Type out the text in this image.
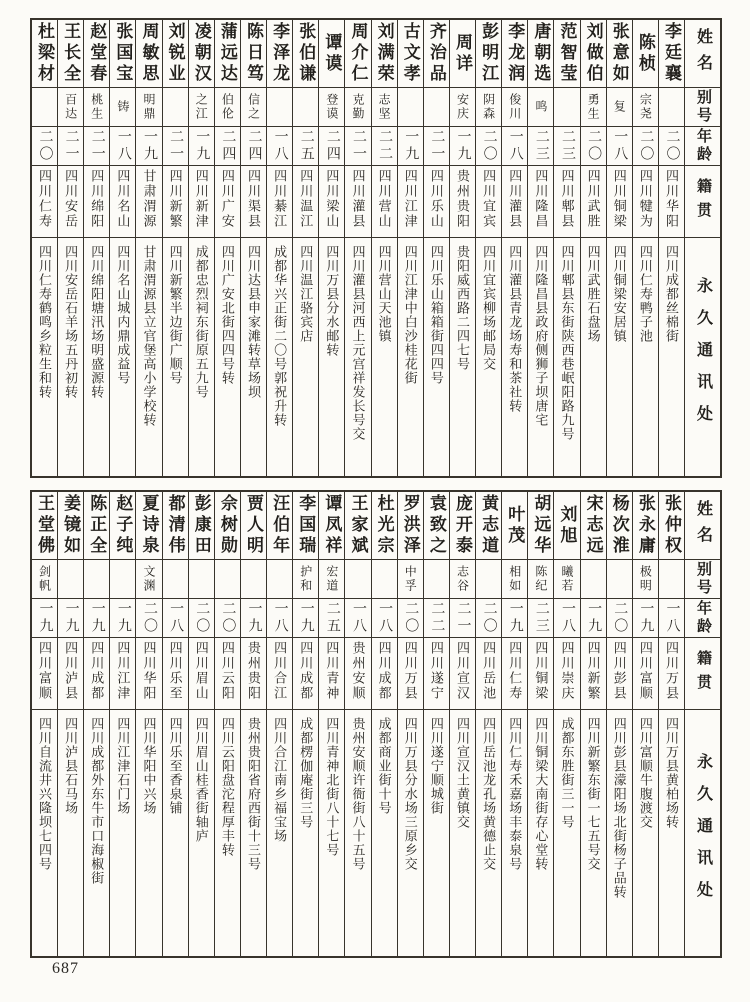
姓名
别号
年龄
籍贯
永久通讯处
李廷襄
二〇
四川华阳
四川成都丝棉街
陈桢
宗尧
二〇
四川犍为
四川仁寿鸭子池
张意如
复
一八
四川铜梁
四川铜梁安居镇
刘做伯
勇生
二〇
四川武胜
四川武胜石盘场
范智莹
二三
四川郫县
四川郫县东街陕西巷岷阳路九号
唐朝选
鸣
二三
四川隆昌
四川隆昌县政府侧狮子坝唐宅
李龙润
俊川
一八
四川灌县
四川灌县青龙场寿和茶社转
彭明江
阴森
二〇
四川宜宾
四川宜宾柳场邮局交
周详
安庆
一九
贵州贵阳
贵阳威西路二四七号
齐治品
二一
四川乐山
四川乐山箱箱街四四号
古文孝
一九
四川江津
四川江津中白沙桂花街
刘满荣
志坚
二二
四川营山
四川营山天池镇
周介仁
克勤
二一
四川灌县
四川灌县河西上元宫祥发长号交
谭谟
登谟
二四
四川梁山
四川万县分水邮转
张伯谦
二五
四川温江
四川温江骆宾店
李泽龙
一八
四川綦江
成都华兴正街二〇号郭祝升转
陈日笃
信之
二四
四川渠县
四川达县申家滩转草场坝
蒲远达
伯伦
二四
四川广安
四川广安北街四四号转
凌朝汉
之江
一九
四川新津
成都忠烈祠东街原五九号
刘锐业
二一
四川新繁
四川新繁半边街广顺号
周敏思
明鼎
一九
甘肃渭源
甘肃渭源县立官堡高小学校转
张国宝
铸
一八
四川名山
四川名山城内鼎成益号
赵堂春
桃生
二一
四川绵阳
四川绵阳塘汛场明盛源转
王长全
百达
二一
四川安岳
四川安岳石羊场五丹初转
杜梁材
二〇
四川仁寿
四川仁寿鹤鸣乡粒生和转
姓名
别号
年龄
籍贯
永久通讯处
张仲权
一八
四川万县
四川万县黄柏场转
张永庸
极明
一九
四川富顺
四川富顺牛腹渡交
杨次淮
二〇
四川彭县
四川彭县濛阳场北街杨子品转
宋志远
一九
四川新繁
四川新繁东街一七五号交
刘旭
曦若
一八
四川崇庆
成都东胜街三一号
胡远华
陈纪
二三
四川铜梁
四川铜梁大南街存心堂转
叶茂
相如
一九
四川仁寿
四川仁寿禾嘉场丰泰泉号
黄志道
二〇
四川岳池
四川岳池龙孔场黄德止交
庞开泰
志谷
二一
四川宣汉
四川宣汉土黄镇交
袁致之
二二
四川遂宁
四川遂宁顺城街
罗洪泽
中孚
二〇
四川万县
四川万县分水场三原乡交
杜光宗
一八
四川成都
成都商业街十号
王家斌
一八
贵州安顺
贵州安顺许衙街八十五号
谭凤祥
宏道
二五
四川青神
四川青神北街八十七号
李国瑞
护和
一九
四川成都
成都楞伽庵街三号
汪伯年
一八
四川合江
四川合江南乡福宝场
贾人明
一九
贵州贵阳
贵州贵阳省府西街十三号
佘树勋
二〇
四川云阳
四川云阳盘沱程厚丰转
彭康田
二〇
四川眉山
四川眉山桂香街轴庐
都清伟
一八
四川乐至
四川乐至香泉铺
夏诗泉
文渊
二〇
四川华阳
四川华阳中兴场
赵子纯
一九
四川江津
四川江津石门场
陈正全
一九
四川成都
四川成都外东牛市口海椒街
姜镜如
一九
四川泸县
四川泸县石马场
王堂佛
剑帆
一九
四川富顺
四川自流井兴隆坝七四号
687
